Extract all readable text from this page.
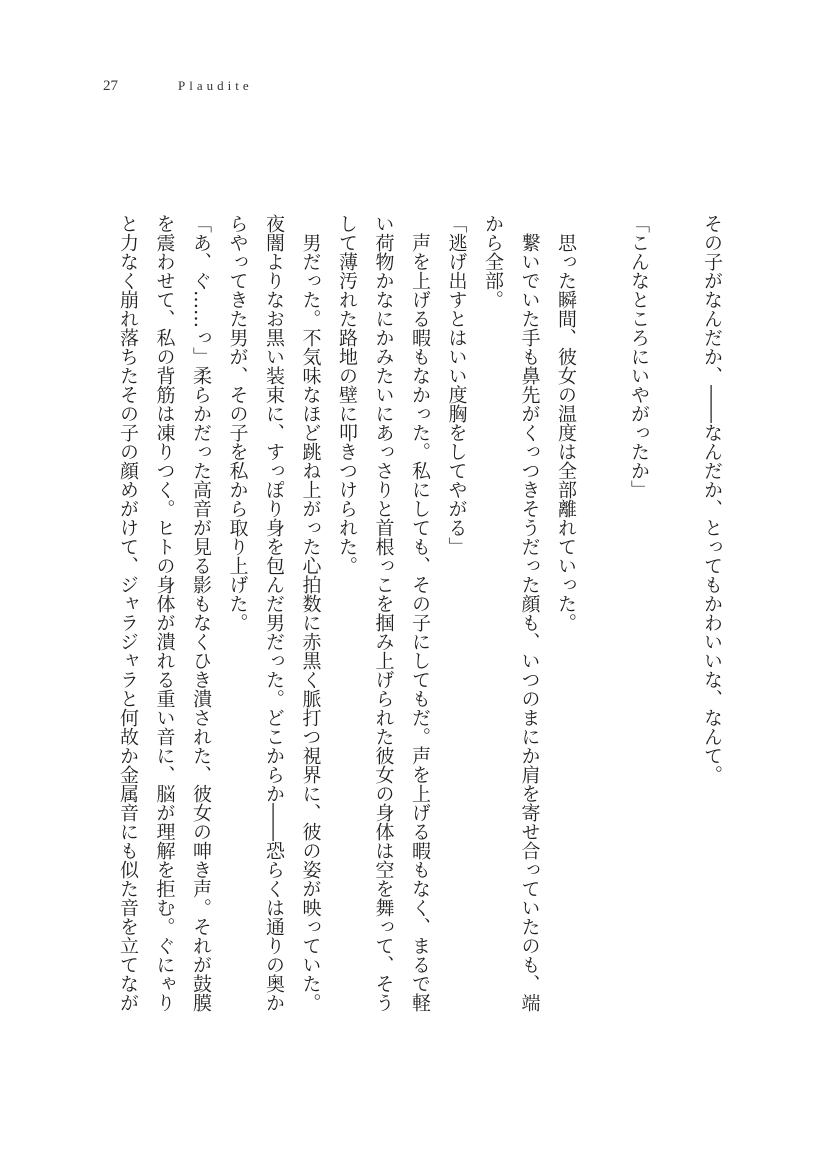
27	Plaudite
その子がなんだか、――なんだか、とってもかわいいな、なんて。
「こんなところにいやがったか」
　思った瞬間、彼女の温度は全部離れていった。
　繋いでいた手も鼻先がくっつきそうだった顔も、いつのまにか肩を寄せ合っていたのも、端
から全部。
「逃げ出すとはいい度胸をしてやがる」
　声を上げる暇もなかった。私にしても、その子にしてもだ。声を上げる暇もなく、まるで軽
い荷物かなにかみたいにあっさりと首根っこを掴み上げられた彼女の身体は空を舞って、そう
して薄汚れた路地の壁に叩きつけられた。
　男だった。不気味なほど跳ね上がった心拍数に赤黒く脈打つ視界に、彼の姿が映っていた。
夜闇よりなお黒い装束に、すっぽり身を包んだ男だった。どこからか――恐らくは通りの奥か
らやってきた男が、その子を私から取り上げた。
「あ、ぐ……っ」柔らかだった高音が見る影もなくひき潰された、彼女の呻き声。それが鼓膜
を震わせて、私の背筋は凍りつく。ヒトの身体が潰れる重い音に、脳が理解を拒む。ぐにゃり
と力なく崩れ落ちたその子の顔めがけて、ジャラジャラと何故か金属音にも似た音を立てなが
